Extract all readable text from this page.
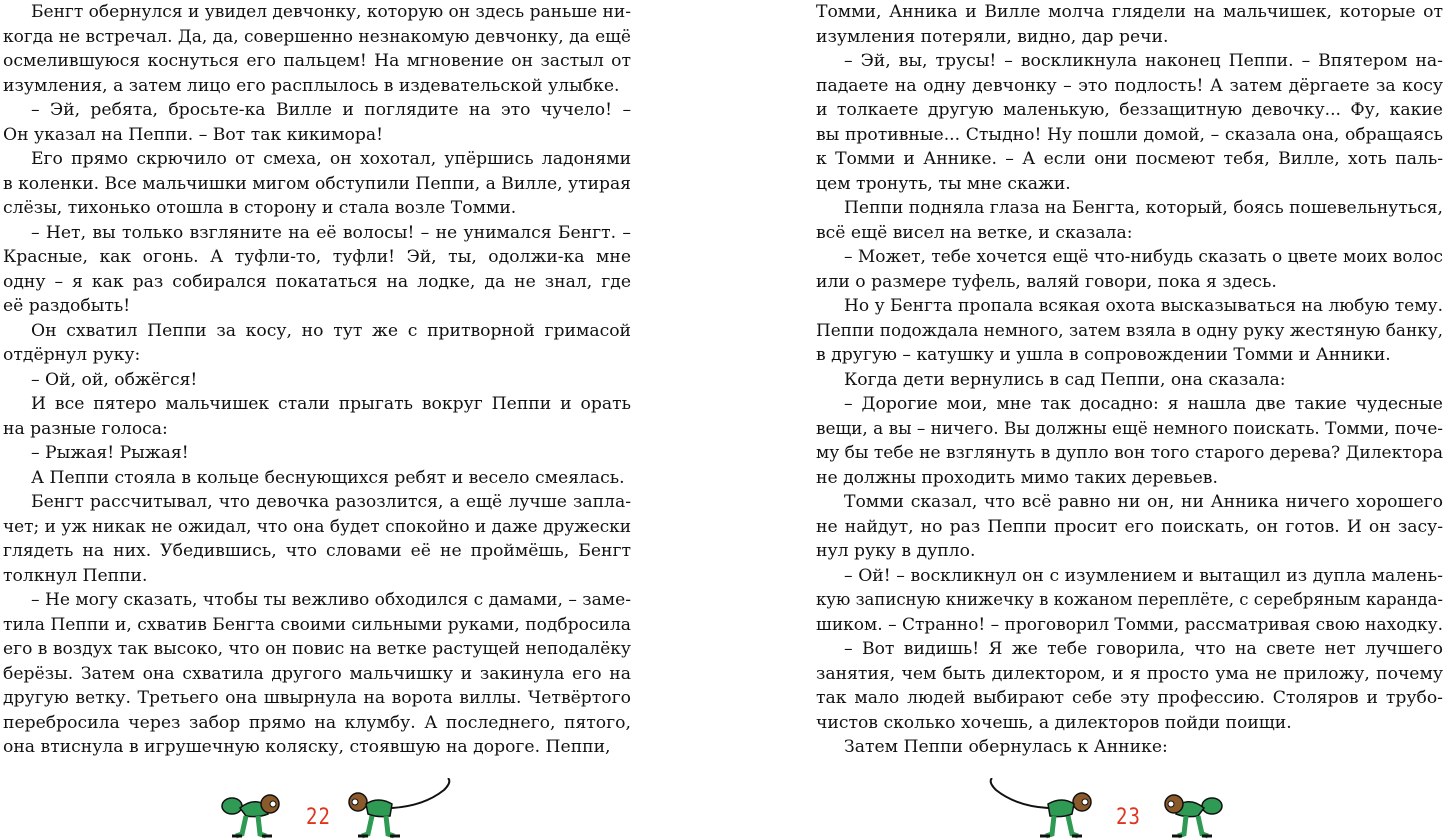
Бенгт обернулся и увидел девчонку, которую он здесь раньше ни-
когда не встречал. Да, да, совершенно незнакомую девчонку, да ещё
осмелившуюся коснуться его пальцем! На мгновение он застыл от
изумления, а затем лицо его расплылось в издевательской улыбке.
– Эй, ребята, бросьте-ка Вилле и поглядите на это чучело! –
Он указал на Пеппи. – Вот так кикимора!
Его прямо скрючило от смеха, он хохотал, упёршись ладонями
в коленки. Все мальчишки мигом обступили Пеппи, а Вилле, утирая
слёзы, тихонько отошла в сторону и стала возле Томми.
– Нет, вы только взгляните на её волосы! – не унимался Бенгт. –
Красные, как огонь. А туфли-то, туфли! Эй, ты, одолжи-ка мне
одну – я как раз собирался покататься на лодке, да не знал, где
её раздобыть!
Он схватил Пеппи за косу, но тут же с притворной гримасой
отдёрнул руку:
– Ой, ой, обжёгся!
И все пятеро мальчишек стали прыгать вокруг Пеппи и орать
на разные голоса:
– Рыжая! Рыжая!
А Пеппи стояла в кольце беснующихся ребят и весело смеялась.
Бенгт рассчитывал, что девочка разозлится, а ещё лучше запла-
чет; и уж никак не ожидал, что она будет спокойно и даже дружески
глядеть на них. Убедившись, что словами её не проймёшь, Бенгт
толкнул Пеппи.
– Не могу сказать, чтобы ты вежливо обходился с дамами, – заме-
тила Пеппи и, схватив Бенгта своими сильными руками, подбросила
его в воздух так высоко, что он повис на ветке растущей неподалёку
берёзы. Затем она схватила другого мальчишку и закинула его на
другую ветку. Третьего она швырнула на ворота виллы. Четвёртого
перебросила через забор прямо на клумбу. А последнего, пятого,
она втиснула в игрушечную коляску, стоявшую на дороге. Пеппи,
Томми, Анника и Вилле молча глядели на мальчишек, которые от
изумления потеряли, видно, дар речи.
– Эй, вы, трусы! – воскликнула наконец Пеппи. – Впятером на-
падаете на одну девчонку – это подлость! А затем дёргаете за косу
и толкаете другую маленькую, беззащитную девочку... Фу, какие
вы противные... Стыдно! Ну пошли домой, – сказала она, обращаясь
к Томми и Аннике. – А если они посмеют тебя, Вилле, хоть паль-
цем тронуть, ты мне скажи.
Пеппи подняла глаза на Бенгта, который, боясь пошевельнуться,
всё ещё висел на ветке, и сказала:
– Может, тебе хочется ещё что-нибудь сказать о цвете моих волос
или о размере туфель, валяй говори, пока я здесь.
Но у Бенгта пропала всякая охота высказываться на любую тему.
Пеппи подождала немного, затем взяла в одну руку жестяную банку,
в другую – катушку и ушла в сопровождении Томми и Анники.
Когда дети вернулись в сад Пеппи, она сказала:
– Дорогие мои, мне так досадно: я нашла две такие чудесные
вещи, а вы – ничего. Вы должны ещё немного поискать. Томми, поче-
му бы тебе не взглянуть в дупло вон того старого дерева? Дилектора
не должны проходить мимо таких деревьев.
Томми сказал, что всё равно ни он, ни Анника ничего хорошего
не найдут, но раз Пеппи просит его поискать, он готов. И он засу-
нул руку в дупло.
– Ой! – воскликнул он с изумлением и вытащил из дупла малень-
кую записную книжечку в кожаном переплёте, с серебряным каранда-
шиком. – Странно! – проговорил Томми, рассматривая свою находку.
– Вот видишь! Я же тебе говорила, что на свете нет лучшего
занятия, чем быть дилектором, и я просто ума не приложу, почему
так мало людей выбирают себе эту профессию. Столяров и трубо-
чистов сколько хочешь, а дилекторов пойди поищи.
Затем Пеппи обернулась к Аннике:
22	23
